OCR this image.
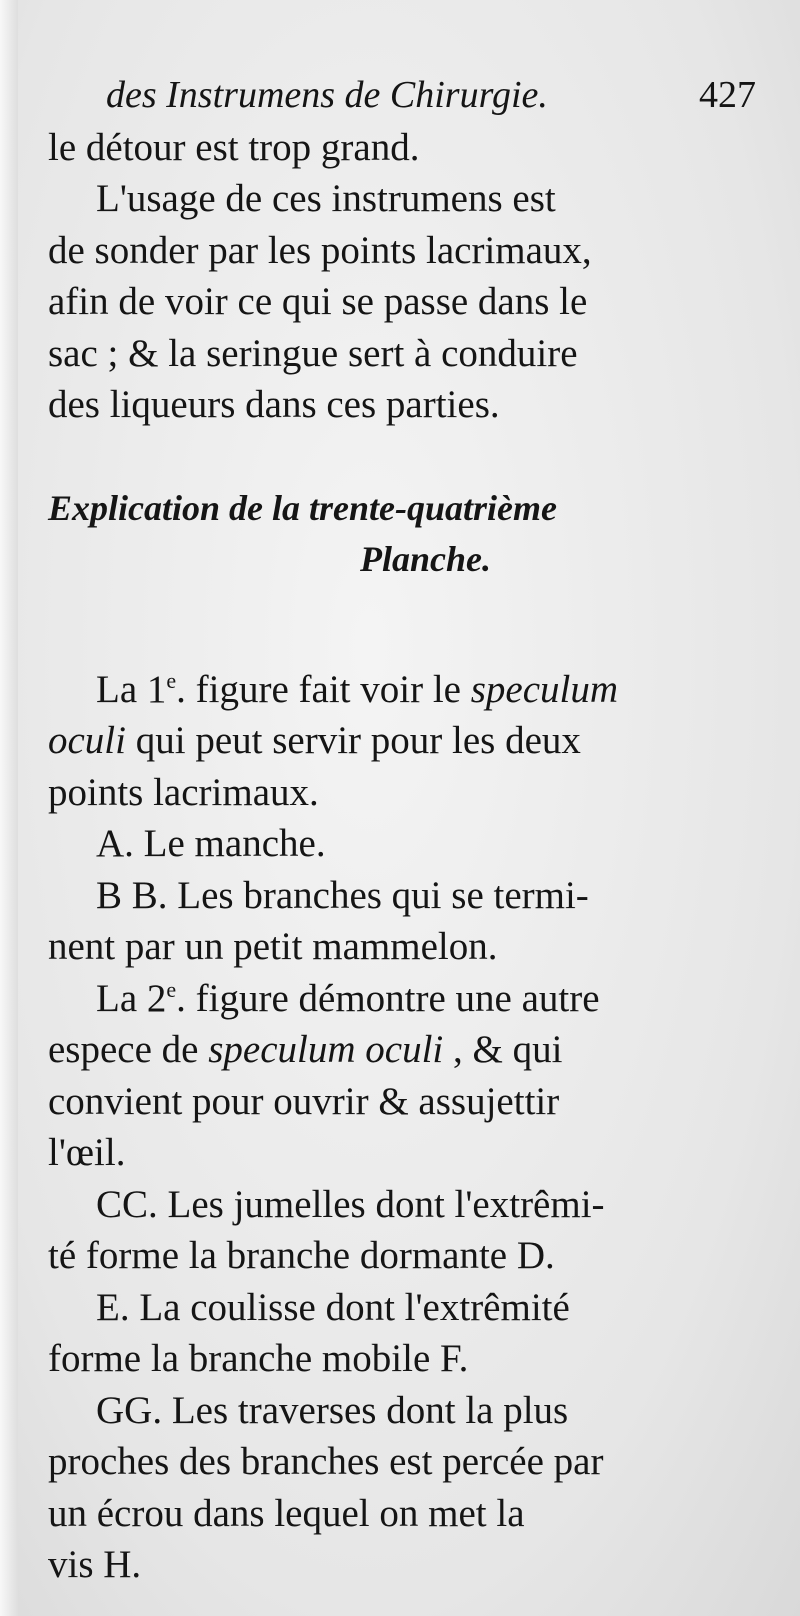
des Instrumens de Chirurgie.	427
le détour est trop grand.
L'usage de ces instrumens est
de sonder par les points lacrimaux,
afin de voir ce qui se passe dans le
sac ; & la seringue sert à conduire
des liqueurs dans ces parties.
Explication de la trente-quatrième
Planche.
La 1e. figure fait voir le speculum
oculi qui peut servir pour les deux
points lacrimaux.
A. Le manche.
B B. Les branches qui se termi-
nent par un petit mammelon.
La 2e. figure démontre une autre
espece de speculum oculi , & qui
convient pour ouvrir & assujettir
l'œil.
CC. Les jumelles dont l'extrêmi-
té forme la branche dormante D.
E. La coulisse dont l'extrêmité
forme la branche mobile F.
GG. Les traverses dont la plus
proches des branches est percée par
un écrou dans lequel on met la
vis H.
